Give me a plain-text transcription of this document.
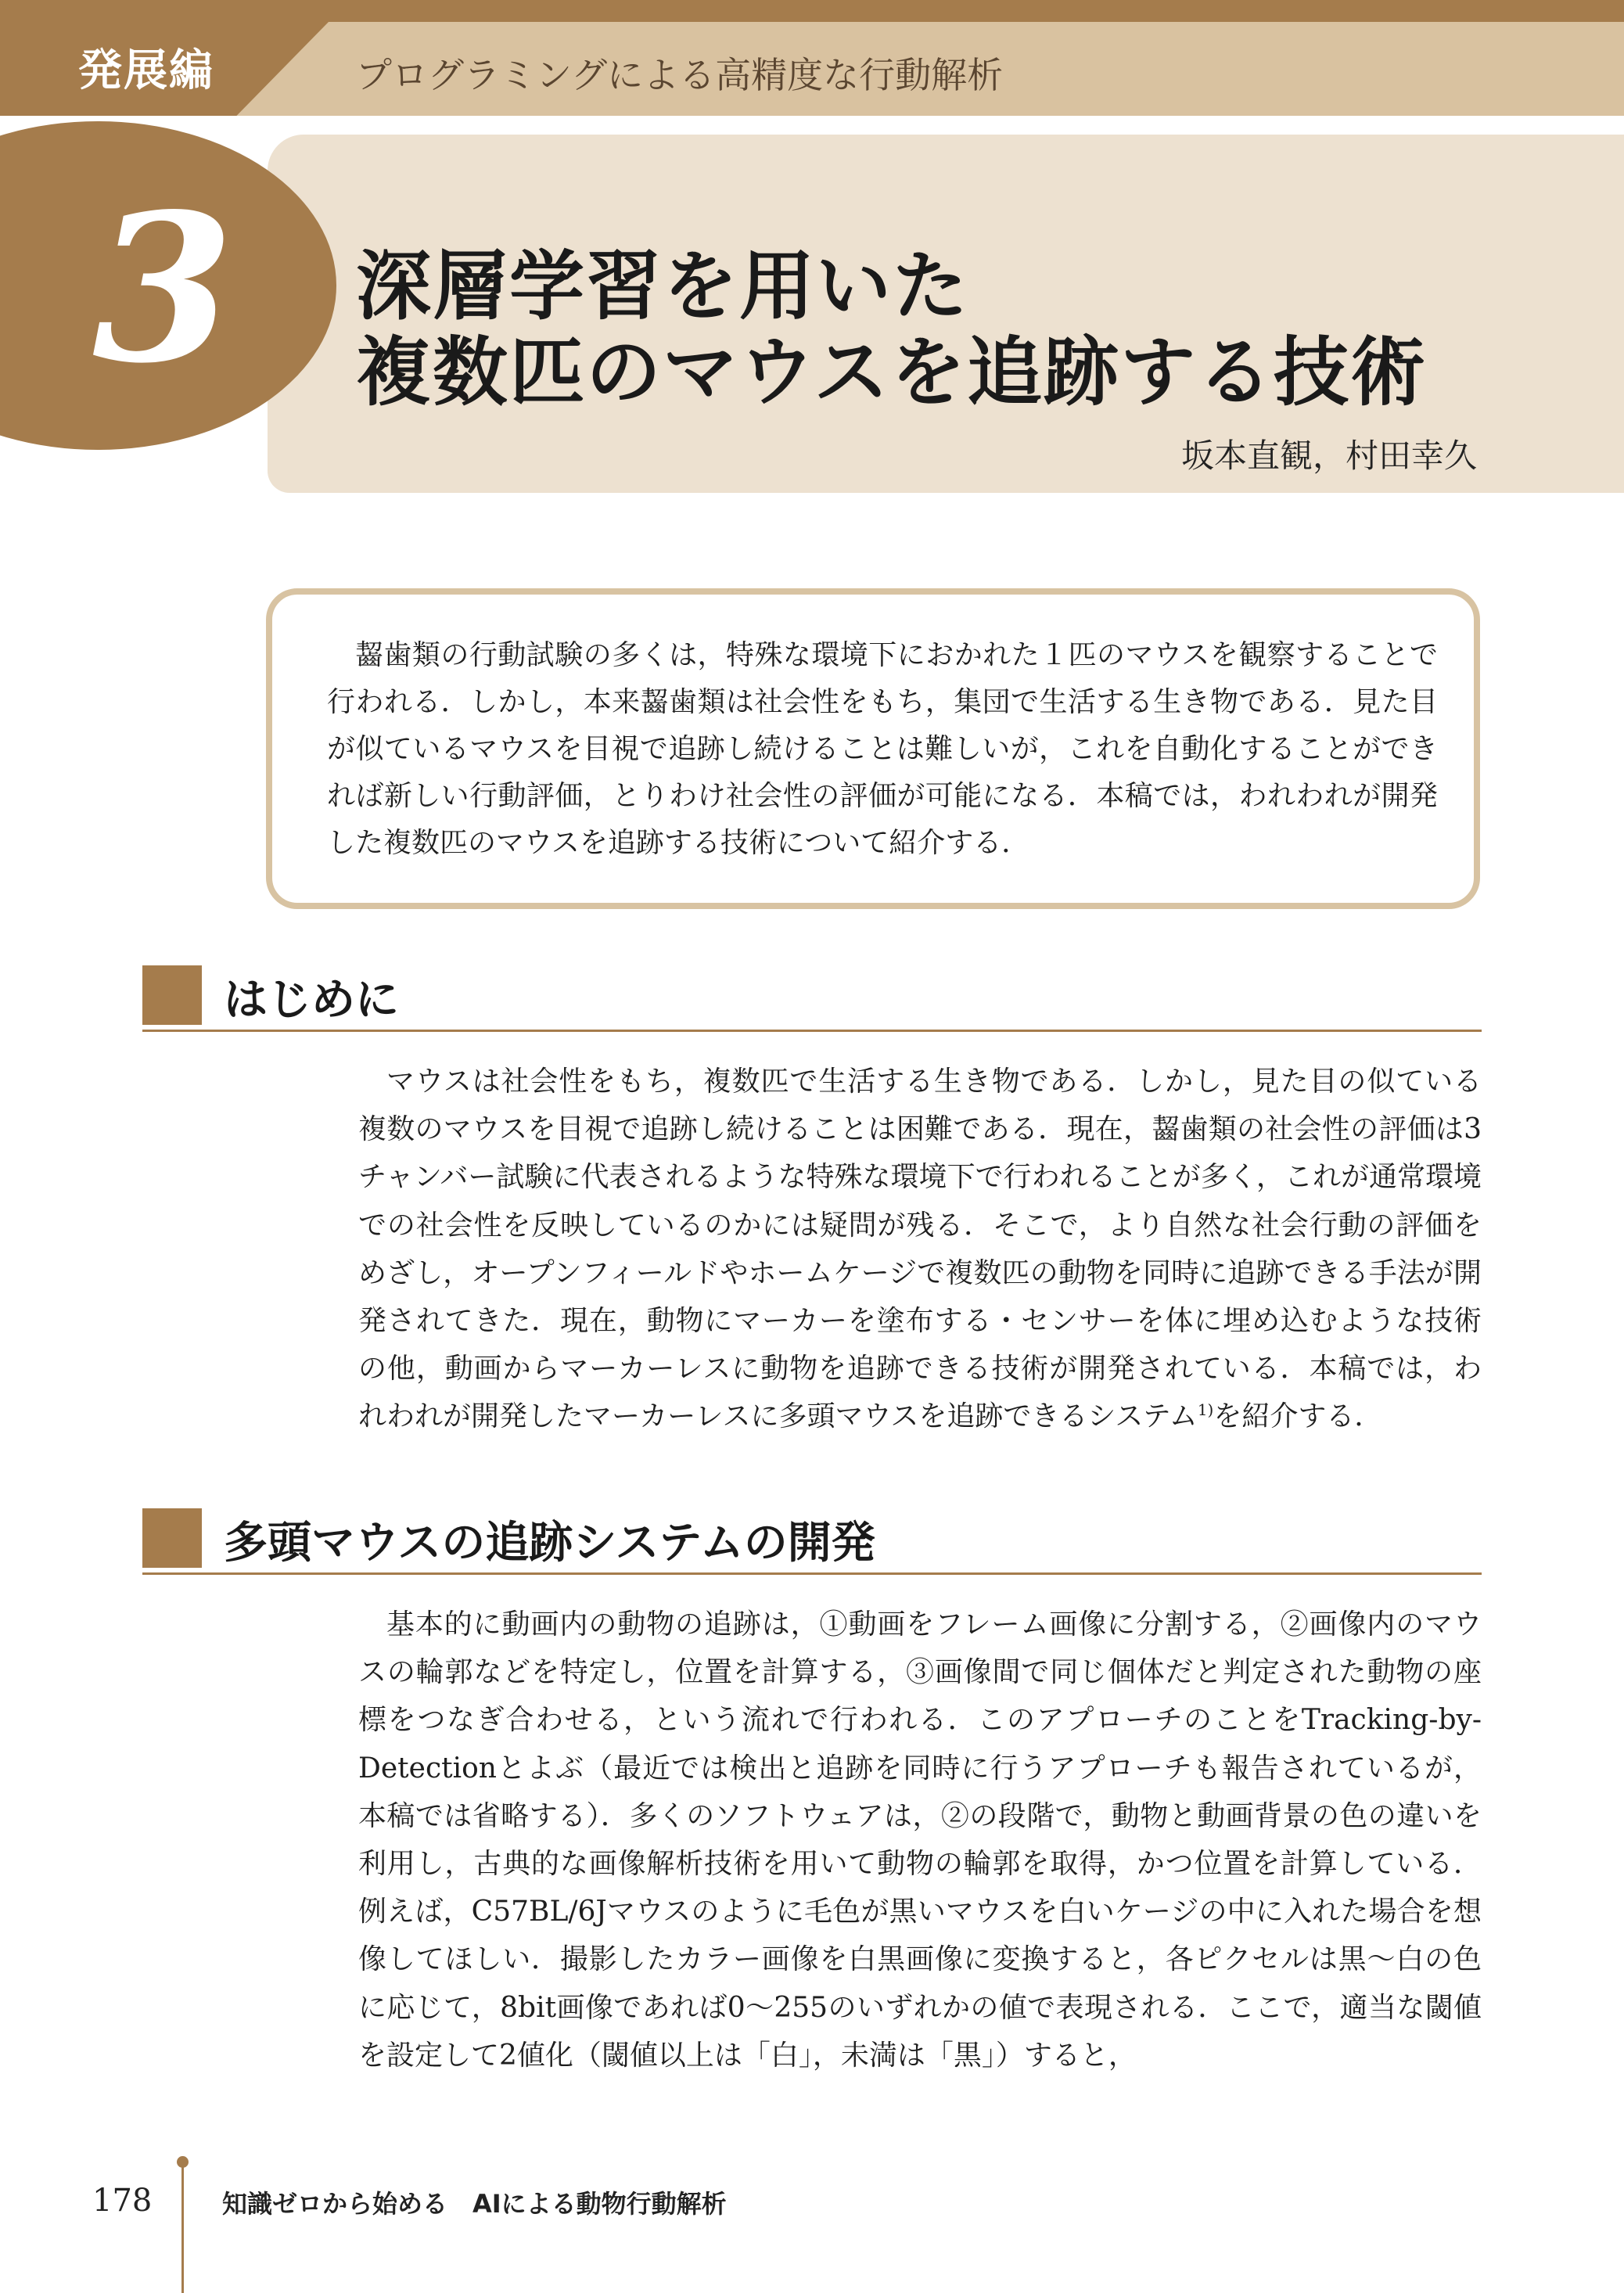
発展編	プログラミングによる高精度な行動解析
3 深層学習を用いた
複数匹のマウスを追跡する技術
坂本直観，村田幸久
齧歯類の行動試験の多くは，特殊な環境下におかれた１匹のマウスを観察することで行われる．しかし，本来齧歯類は社会性をもち，集団で生活する生き物である．見た目が似ているマウスを目視で追跡し続けることは難しいが，これを自動化することができれば新しい行動評価，とりわけ社会性の評価が可能になる．本稿では，われわれが開発した複数匹のマウスを追跡する技術について紹介する．
はじめに
マウスは社会性をもち，複数匹で生活する生き物である．しかし，見た目の似ている複数のマウスを目視で追跡し続けることは困難である．現在，齧歯類の社会性の評価は3チャンバー試験に代表されるような特殊な環境下で行われることが多く，これが通常環境での社会性を反映しているのかには疑問が残る．そこで，より自然な社会行動の評価をめざし，オープンフィールドやホームケージで複数匹の動物を同時に追跡できる手法が開発されてきた．現在，動物にマーカーを塗布する・センサーを体に埋め込むような技術の他，動画からマーカーレスに動物を追跡できる技術が開発されている．本稿では，われわれが開発したマーカーレスに多頭マウスを追跡できるシステム$^{1)}$を紹介する．
多頭マウスの追跡システムの開発
基本的に動画内の動物の追跡は，①動画をフレーム画像に分割する，②画像内のマウスの輪郭などを特定し，位置を計算する，③画像間で同じ個体だと判定された動物の座標をつなぎ合わせる，という流れで行われる．このアプローチのことをTracking-by-Detectionとよぶ（最近では検出と追跡を同時に行うアプローチも報告されているが，本稿では省略する）．多くのソフトウェアは，②の段階で，動物と動画背景の色の違いを利用し，古典的な画像解析技術を用いて動物の輪郭を取得，かつ位置を計算している．例えば，C57BL/6Jマウスのように毛色が黒いマウスを白いケージの中に入れた場合を想像してほしい．撮影したカラー画像を白黒画像に変換すると，各ピクセルは黒〜白の色に応じて，8bit画像であれば0〜255のいずれかの値で表現される．ここで，適当な閾値を設定して2値化（閾値以上は「白」，未満は「黒」）すると，
178	知識ゼロから始める　AIによる動物行動解析
